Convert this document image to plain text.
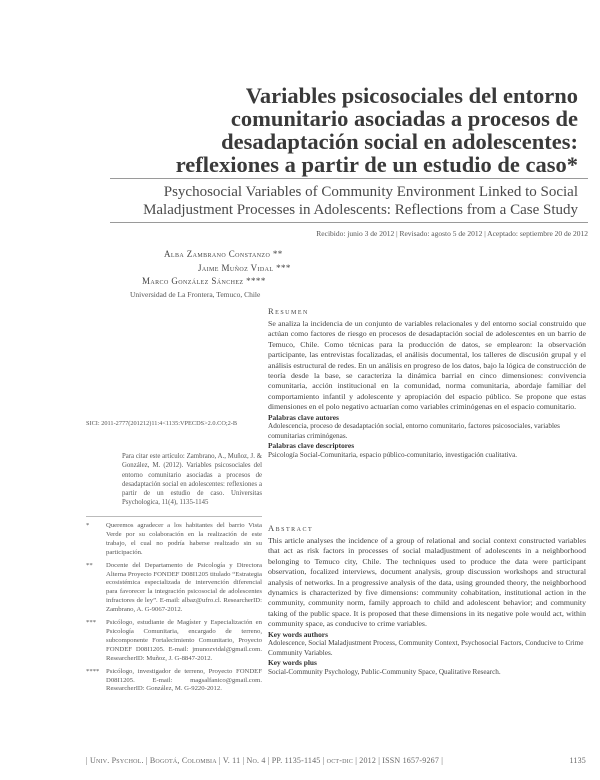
Variables psicosociales del entorno comunitario asociadas a procesos de desadaptación social en adolescentes: reflexiones a partir de un estudio de caso*
Psychosocial Variables of Community Environment Linked to Social Maladjustment Processes in Adolescents: Reflections from a Case Study
Recibido: junio 3 de 2012 | Revisado: agosto 5 de 2012 | Aceptado: septiembre 20 de 2012
Alba Zambrano Constanzo **
Jaime Muñoz Vidal ***
Marco González Sánchez ****
Universidad de La Frontera, Temuco, Chile
Resumen
Se analiza la incidencia de un conjunto de variables relacionales y del entorno social construido que actúan como factores de riesgo en procesos de desadaptación social de adolescentes en un barrio de Temuco, Chile. Como técnicas para la producción de datos, se emplearon: la observación participante, las entrevistas focalizadas, el análisis documental, los talleres de discusión grupal y el análisis estructural de redes. En un análisis en progreso de los datos, bajo la lógica de construcción de teoría desde la base, se caracteriza la dinámica barrial en cinco dimensiones: convivencia comunitaria, acción institucional en la comunidad, norma comunitaria, abordaje familiar del comportamiento infantil y adolescente y apropiación del espacio público. Se propone que estas dimensiones en el polo negativo actuarían como variables criminógenas en el espacio comunitario.
Palabras clave autores
Adolescencia, proceso de desadaptación social, entorno comunitario, factores psicosociales, variables comunitarias criminógenas.
Palabras clave descriptores
Psicología Social-Comunitaria, espacio público-comunitario, investigación cualitativa.
Abstract
This article analyses the incidence of a group of relational and social context constructed variables that act as risk factors in processes of social maladjustment of adolescents in a neighborhood belonging to Temuco city, Chile. The techniques used to produce the data were participant observation, focalized interviews, document analysis, group discussion workshops and structural analysis of networks. In a progressive analysis of the data, using grounded theory, the neighborhood dynamics is characterized by five dimensions: community cohabitation, institutional action in the community, community norm, family approach to child and adolescent behavior; and community taking of the public space. It is proposed that these dimensions in its negative pole would act, within community space, as conducive to crime variables.
Key words authors
Adolescence, Social Maladjustment Process, Community Context, Psychosocial Factors, Conducive to Crime Community Variables.
Key words plus
Social-Community Psychology, Public-Community Space, Qualitative Research.
SICI: 2011-2777(201212)11:4<1135:VPECDS>2.0.CO;2-B
Para citar este artículo: Zambrano, A., Muñoz, J. & González, M. (2012). Variables psicosociales del entorno comunitario asociadas a procesos de desadaptación social en adolescentes: reflexiones a partir de un estudio de caso. Universitas Psychologica, 11(4), 1135-1145
*	Queremos agradecer a los habitantes del barrio Vista Verde por su colaboración en la realización de este trabajo, el cual no podría haberse realizado sin su participación.
**	Docente del Departamento de Psicología y Directora Alterna Proyecto FONDEF D08I1205 titulado “Estrategia ecosistémica especializada de intervención diferencial para favorecer la integración psicosocial de adolescentes infractores de ley”. E-mail: albaz@ufro.cl. ResearcherID: Zambrano, A. G-9067-2012.
***	Psicólogo, estudiante de Magíster y Especialización en Psicología Comunitaria, encargado de terreno, subcomponente Fortalecimiento Comunitario, Proyecto FONDEF D08I1205. E-mail: jmunozvidal@gmail.com. ResearcherID: Muñoz, J. G-8847-2012.
**** Psicólogo, investigador de terreno, Proyecto FONDEF D08I1205. E-mail: magsalfanico@gmail.com. ResearcherID: González, M. G-9220-2012.
| Univ. Psychol. | Bogotá, Colombia | V. 11 | No. 4 | PP. 1135-1145 | oct-dic | 2012 | ISSN 1657-9267 |	1135
